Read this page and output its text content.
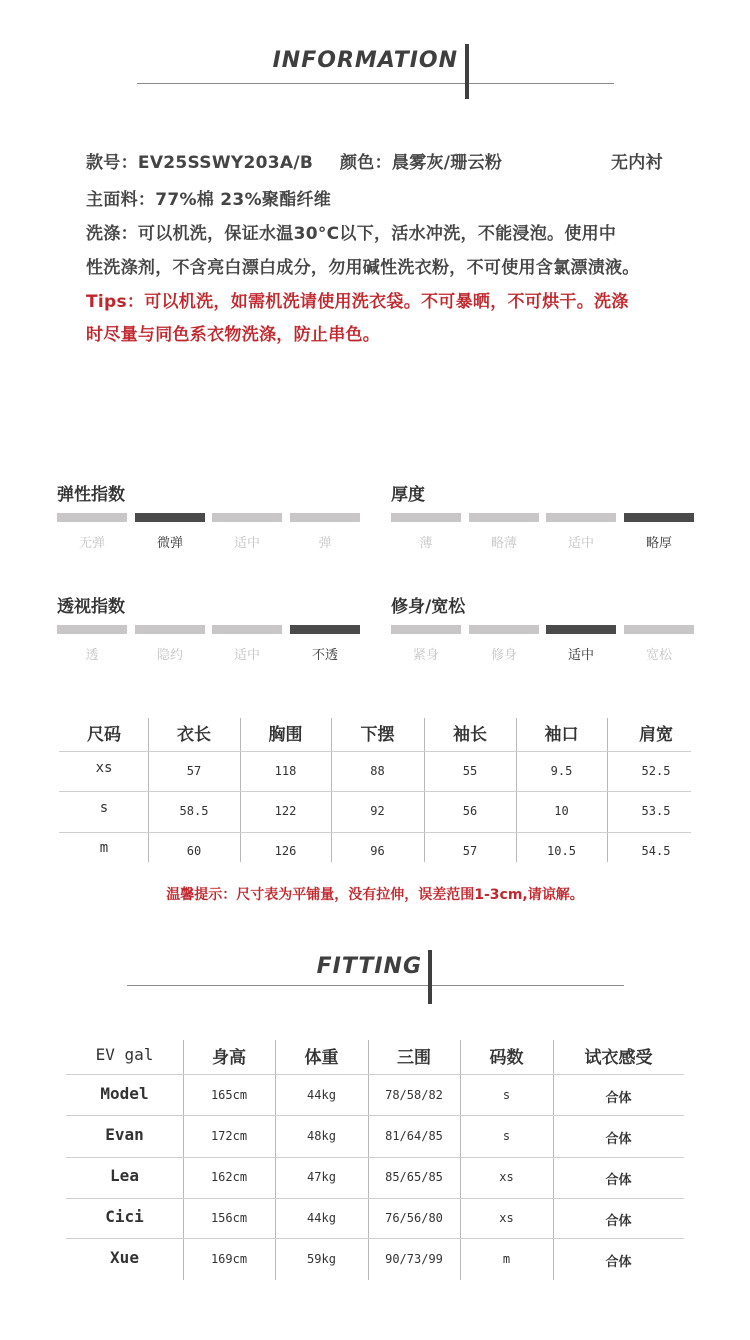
INFORMATION
款号：EV25SSWY203A/B 颜色：晨雾灰/珊云粉	无内衬
主面料：77%棉 23%聚酯纤维
洗涤：可以机洗，保证水温30°C以下，活水冲洗，不能浸泡。使用中
性洗涤剂，不含亮白漂白成分，勿用碱性洗衣粉，不可使用含氯漂渍液。
Tips：可以机洗，如需机洗请使用洗衣袋。不可暴晒，不可烘干。洗涤
时尽量与同色系衣物洗涤，防止串色。
弹性指数
无弹	微弹	适中	弹
厚度
薄	略薄	适中	略厚
透视指数
透	隐约	适中	不透
修身/宽松
紧身	修身	适中	宽松
尺码	衣长	胸围	下摆	袖长	袖口	肩宽
xs	57	118	88	55	9.5	52.5
s	58.5	122	92	56	10	53.5
m	60	126	96	57	10.5	54.5
温馨提示：尺寸表为平铺量，没有拉伸，误差范围1-3cm,请谅解。
FITTING
EV gal	身高	体重	三围	码数	试衣感受
Model	165cm	44kg	78/58/82	s	合体
Evan	172cm	48kg	81/64/85	s	合体
Lea	162cm	47kg	85/65/85	xs	合体
Cici	156cm	44kg	76/56/80	xs	合体
Xue	169cm	59kg	90/73/99	m	合体
